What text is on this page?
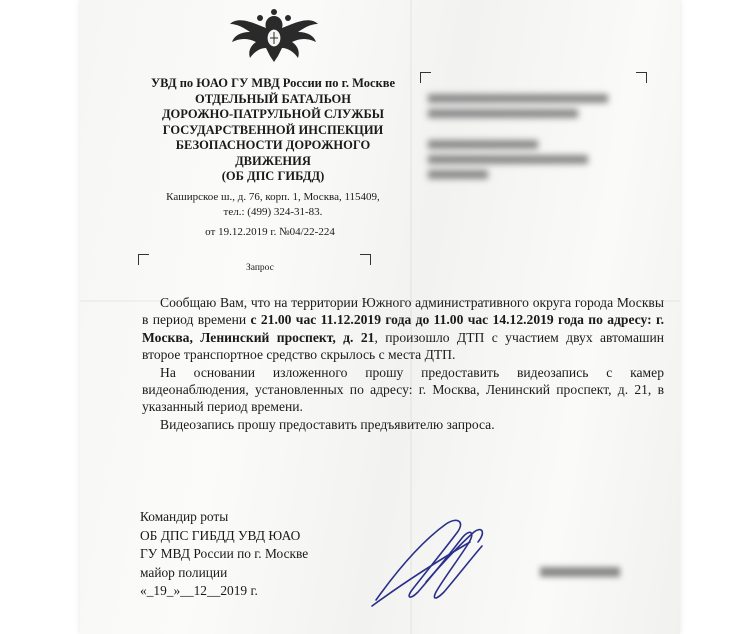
УВД по ЮАО ГУ МВД России по г. Москве
ОТДЕЛЬНЫЙ БАТАЛЬОН
ДОРОЖНО-ПАТРУЛЬНОЙ СЛУЖБЫ
ГОСУДАРСТВЕННОЙ ИНСПЕКЦИИ
БЕЗОПАСНОСТИ ДОРОЖНОГО
ДВИЖЕНИЯ
(ОБ ДПС ГИБДД)
Каширское ш., д. 76, корп. 1, Москва, 115409,
тел.: (499) 324-31-83.
от 19.12.2019 г. №04/22-224
Запрос

Сообщаю Вам, что на территории Южного административного округа города Москвы в период времени с 21.00 час 11.12.2019 года до 11.00 час 14.12.2019 года по адресу: г. Москва, Ленинский проспект, д. 21, произошло ДТП с участием двух автомашин второе транспортное средство скрылось с места ДТП.

На основании изложенного прошу предоставить видеозапись с камер видеонаблюдения, установленных по адресу: г. Москва, Ленинский проспект, д. 21, в указанный период времени.

Видеозапись прошу предоставить предъявителю запроса.

Командир роты
ОБ ДПС ГИБДД УВД ЮАО
ГУ МВД России по г. Москве
майор полиции
«_19_»__12__2019 г.
